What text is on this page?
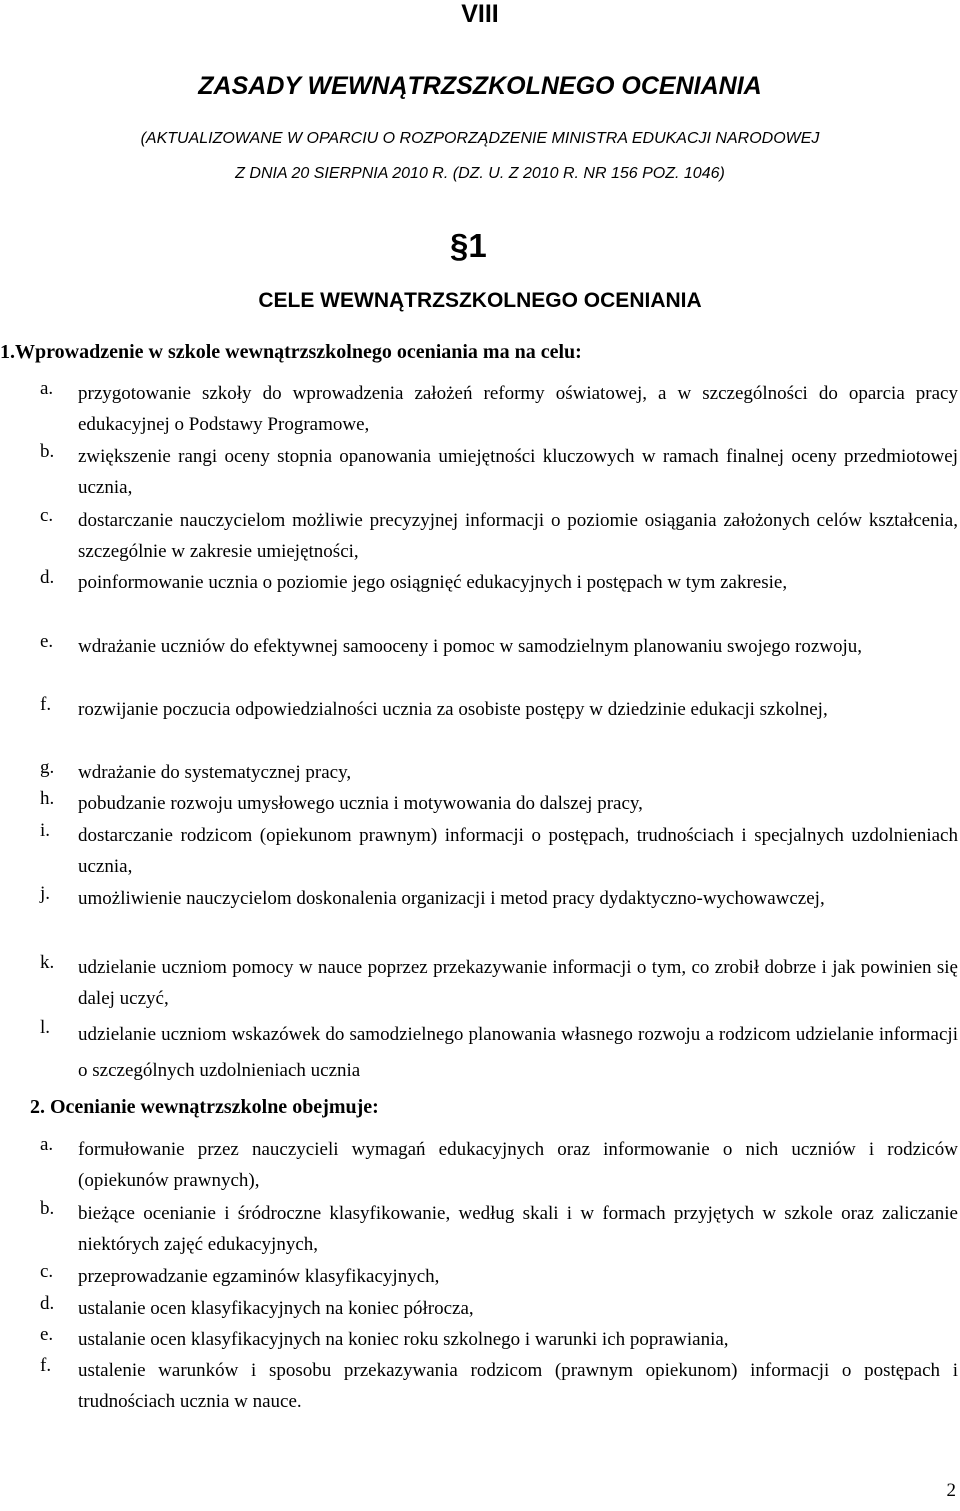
VIII
ZASADY WEWNĄTRZSZKOLNEGO OCENIANIA
(AKTUALIZOWANE W OPARCIU O ROZPORZĄDZENIE MINISTRA EDUKACJI NARODOWEJ
Z DNIA 20 SIERPNIA 2010 R. (DZ. U. Z 2010 R. NR 156 POZ. 1046)
§1
CELE WEWNĄTRZSZKOLNEGO OCENIANIA
1.Wprowadzenie w szkole wewnątrzszkolnego oceniania ma na celu:
a. przygotowanie szkoły do wprowadzenia założeń reformy oświatowej, a w szczególności do oparcia pracy edukacyjnej o Podstawy Programowe,
b. zwiększenie rangi oceny stopnia opanowania umiejętności kluczowych w ramach finalnej oceny przedmiotowej ucznia,
c. dostarczanie nauczycielom możliwie precyzyjnej informacji o poziomie osiągania założonych celów kształcenia, szczególnie w zakresie umiejętności,
d. poinformowanie ucznia o poziomie jego osiągnięć edukacyjnych i postępach w tym zakresie,
e. wdrażanie uczniów do efektywnej samooceny i pomoc w samodzielnym planowaniu swojego rozwoju,
f. rozwijanie poczucia odpowiedzialności ucznia za osobiste postępy w dziedzinie edukacji szkolnej,
g. wdrażanie do systematycznej pracy,
h. pobudzanie rozwoju umysłowego ucznia i motywowania do dalszej pracy,
i. dostarczanie rodzicom (opiekunom prawnym) informacji o postępach, trudnościach i specjalnych uzdolnieniach ucznia,
j. umożliwienie nauczycielom doskonalenia organizacji i metod pracy dydaktyczno-wychowawczej,
k. udzielanie uczniom pomocy w nauce poprzez przekazywanie informacji o tym, co zrobił dobrze i jak powinien się dalej uczyć,
l. udzielanie uczniom wskazówek do samodzielnego planowania własnego rozwoju a rodzicom udzielanie informacji o szczególnych uzdolnieniach ucznia
2. Ocenianie wewnątrzszkolne obejmuje:
a. formułowanie przez nauczycieli wymagań edukacyjnych oraz informowanie o nich uczniów i rodziców (opiekunów prawnych),
b. bieżące ocenianie i śródroczne klasyfikowanie, według skali i w formach przyjętych w szkole oraz zaliczanie niektórych zajęć edukacyjnych,
c. przeprowadzanie egzaminów klasyfikacyjnych,
d. ustalanie ocen klasyfikacyjnych na koniec półrocza,
e. ustalanie ocen klasyfikacyjnych na koniec roku szkolnego i warunki ich poprawiania,
f. ustalenie warunków i sposobu przekazywania rodzicom (prawnym opiekunom) informacji o postępach i trudnościach ucznia w nauce.
2
